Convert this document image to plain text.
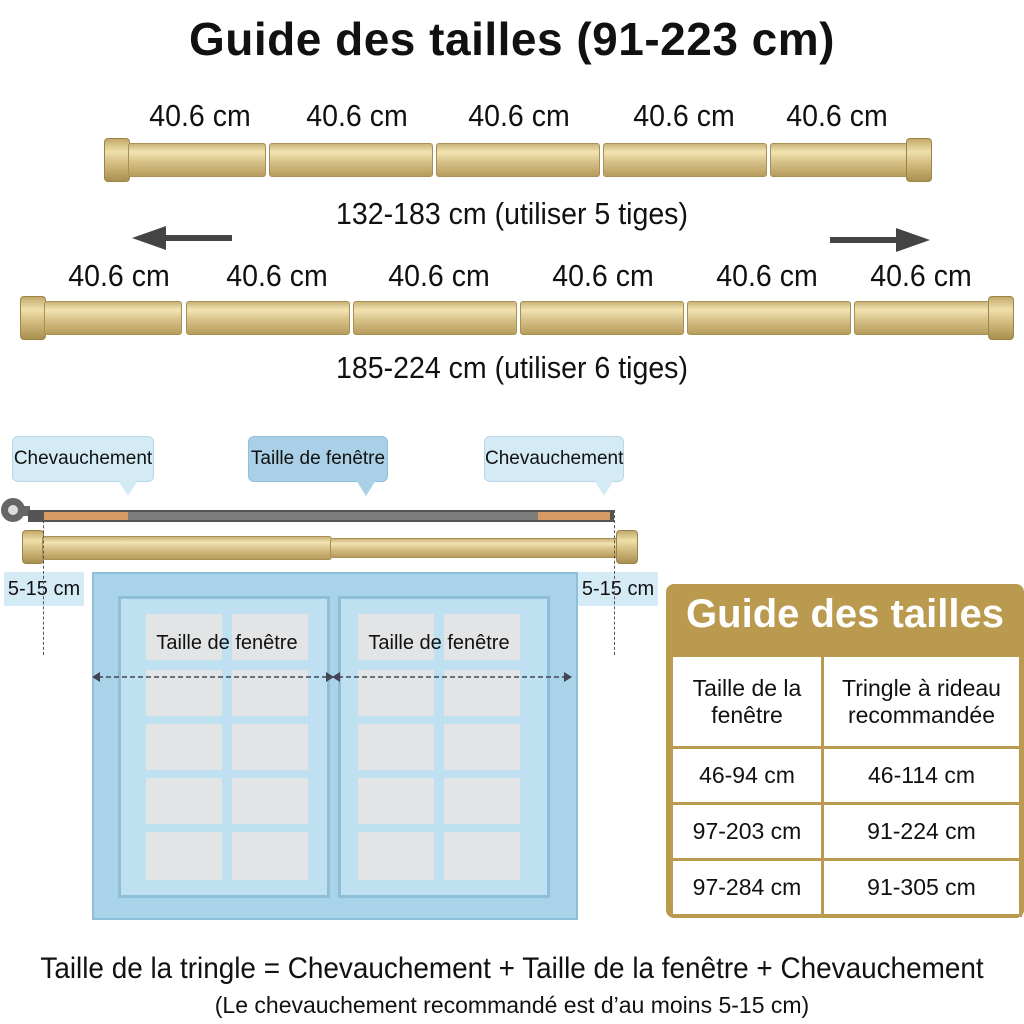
Guide des tailles (91-223 cm)
40.6 cm	40.6 cm	40.6 cm	40.6 cm	40.6 cm
132-183 cm (utiliser 5 tiges)
40.6 cm	40.6 cm	40.6 cm	40.6 cm	40.6 cm	40.6 cm
185-224 cm (utiliser 6 tiges)
Chevauchement	Taille de fenêtre	Chevauchement
5-15 cm	5-15 cm
Taille de fenêtre	Taille de fenêtre
Guide des tailles
Taille de la fenêtre	Tringle à rideau recommandée
46-94 cm	46-114 cm
97-203 cm	91-224 cm
97-284 cm	91-305 cm
Taille de la tringle = Chevauchement + Taille de la fenêtre + Chevauchement
(Le chevauchement recommandé est d’au moins 5-15 cm)
